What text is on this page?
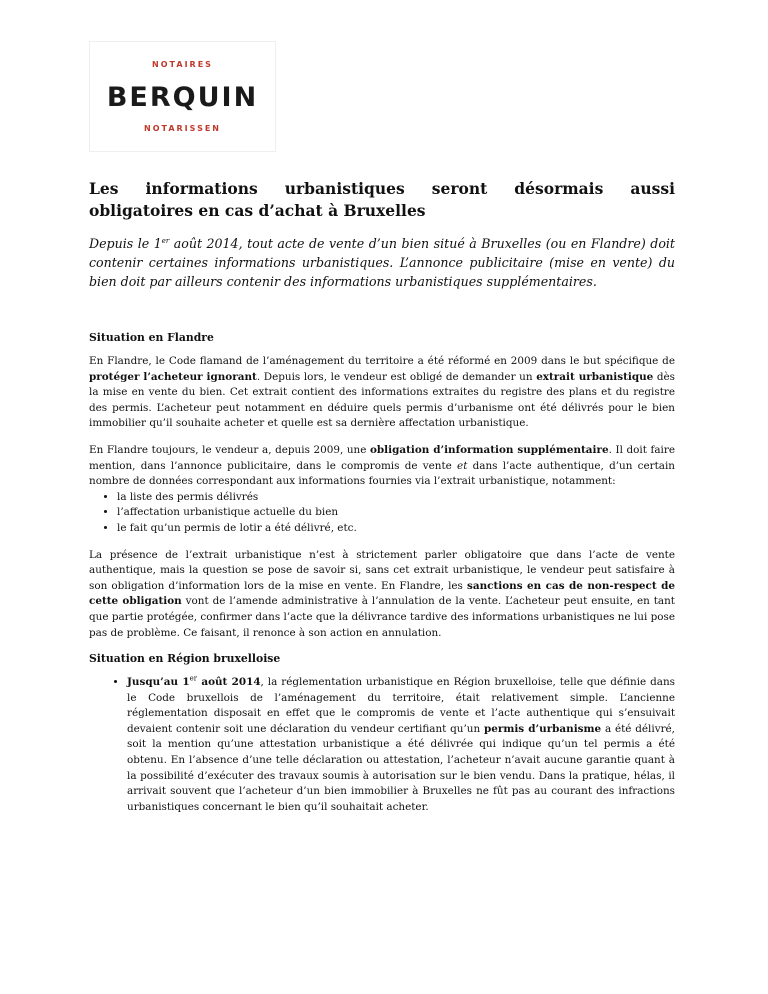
NOTAIRES
BERQUIN
NOTARISSEN
Les informations urbanistiques seront désormais aussi
obligatoires en cas d’achat à Bruxelles
Depuis le 1er août 2014, tout acte de vente d’un bien situé à Bruxelles (ou en Flandre) doit contenir certaines informations urbanistiques. L’annonce publicitaire (mise en vente) du bien doit par ailleurs contenir des informations urbanistiques supplémentaires.
Situation en Flandre

En Flandre, le Code flamand de l’aménagement du territoire a été réformé en 2009 dans le but spécifique de protéger l’acheteur ignorant. Depuis lors, le vendeur est obligé de demander un extrait urbanistique dès la mise en vente du bien. Cet extrait contient des informations extraites du registre des plans et du registre des permis. L’acheteur peut notamment en déduire quels permis d’urbanisme ont été délivrés pour le bien immobilier qu’il souhaite acheter et quelle est sa dernière affectation urbanistique.

En Flandre toujours, le vendeur a, depuis 2009, une obligation d’information supplémentaire. Il doit faire mention, dans l’annonce publicitaire, dans le compromis de vente et dans l’acte authentique, d’un certain nombre de données correspondant aux informations fournies via l’extrait urbanistique, notamment:

• la liste des permis délivrés
• l’affectation urbanistique actuelle du bien
• le fait qu’un permis de lotir a été délivré, etc.

La présence de l’extrait urbanistique n’est à strictement parler obligatoire que dans l’acte de vente authentique, mais la question se pose de savoir si, sans cet extrait urbanistique, le vendeur peut satisfaire à son obligation d’information lors de la mise en vente. En Flandre, les sanctions en cas de non-respect de cette obligation vont de l’amende administrative à l’annulation de la vente. L’acheteur peut ensuite, en tant que partie protégée, confirmer dans l’acte que la délivrance tardive des informations urbanistiques ne lui pose pas de problème. Ce faisant, il renonce à son action en annulation.

Situation en Région bruxelloise
• Jusqu’au 1er août 2014, la réglementation urbanistique en Région bruxelloise, telle que définie dans le Code bruxellois de l’aménagement du territoire, était relativement simple. L’ancienne réglementation disposait en effet que le compromis de vente et l’acte authentique qui s’ensuivait devaient contenir soit une déclaration du vendeur certifiant qu’un permis d’urbanisme a été délivré, soit la mention qu’une attestation urbanistique a été délivrée qui indique qu’un tel permis a été obtenu. En l’absence d’une telle déclaration ou attestation, l’acheteur n’avait aucune garantie quant à la possibilité d’exécuter des travaux soumis à autorisation sur le bien vendu. Dans la pratique, hélas, il arrivait souvent que l’acheteur d’un bien immobilier à Bruxelles ne fût pas au courant des infractions urbanistiques concernant le bien qu’il souhaitait acheter.
